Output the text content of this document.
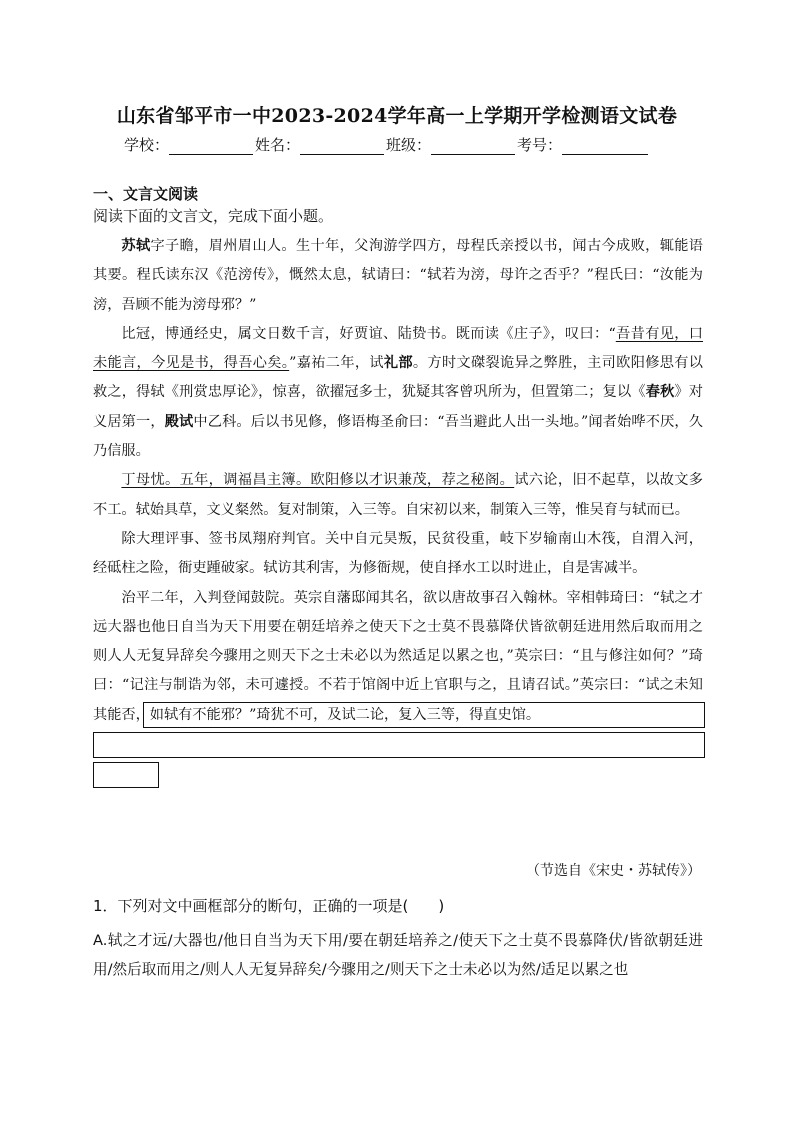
山东省邹平市一中2023-2024学年高一上学期开学检测语文试卷
学校：	姓名：	班级：	考号：
一、文言文阅读
阅读下面的文言文，完成下面小题。

苏轼字子瞻，眉州眉山人。生十年，父洵游学四方，母程氏亲授以书，闻古今成败，辄能语其要。程氏读东汉《范滂传》，慨然太息，轼请曰：“轼若为滂，母许之否乎？”程氏曰：“汝能为滂，吾顾不能为滂母邪？”

比冠，博通经史，属文日数千言，好贾谊、陆贽书。既而读《庄子》，叹曰：“吾昔有见，口未能言，今见是书，得吾心矣。”嘉祐二年，试礼部。方时文磔裂诡异之弊胜，主司欧阳修思有以救之，得轼《刑赏忠厚论》，惊喜，欲擢冠多士，犹疑其客曾巩所为，但置第二；复以《春秋》对义居第一，殿试中乙科。后以书见修，修语梅圣俞曰：“吾当避此人出一头地。”闻者始哗不厌，久乃信服。

丁母忧。五年，调福昌主簿。欧阳修以才识兼茂，荐之秘阁。试六论，旧不起草，以故文多不工。轼始具草，文义粲然。复对制策，入三等。自宋初以来，制策入三等，惟吴育与轼而已。

除大理评事、签书凤翔府判官。关中自元昊叛，民贫役重，岐下岁输南山木筏，自渭入河，经砥柱之险，衙吏踵破家。轼访其利害，为修衙规，使自择水工以时进止，自是害减半。

治平二年，入判登闻鼓院。英宗自藩邸闻其名，欲以唐故事召入翰林。宰相韩琦曰：“轼之才远大器也他日自当为天下用要在朝廷培养之使天下之士莫不畏慕降伏皆欲朝廷进用然后取而用之则人人无复异辞矣今骤用之则天下之士未必以为然适足以累之也，”英宗曰：“且与修注如何？”琦曰：“记注与制诰为邻，未可遽授。不若于馆阁中近上官职与之，且请召试。”英宗曰：“试之未知其能否，如轼有不能邪？”琦犹不可，及试二论，复入三等，得直史馆。

（节选自《宋史・苏轼传》）
1．下列对文中画框部分的断句，正确的一项是(　　)
A.轼之才远/大器也/他日自当为天下用/要在朝廷培养之/使天下之士莫不畏慕降伏/皆欲朝廷进用/然后取而用之/则人人无复异辞矣/今骤用之/则天下之士未必以为然/适足以累之也
